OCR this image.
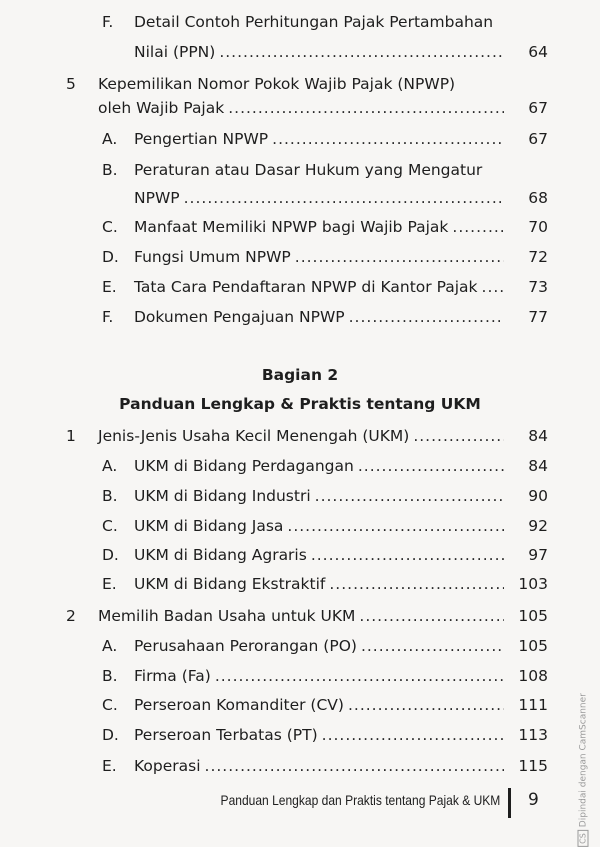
F.	Detail Contoh Perhitungan Pajak Pertambahan
Nilai (PPN) .....	64
5	Kepemilikan Nomor Pokok Wajib Pajak (NPWP)
oleh Wajib Pajak .....	67
A.	Pengertian NPWP .....	67
B.	Peraturan atau Dasar Hukum yang Mengatur
NPWP .....	68
C.	Manfaat Memiliki NPWP bagi Wajib Pajak .....	70
D. Fungsi Umum NPWP .....	72
E.	Tata Cara Pendaftaran NPWP di Kantor Pajak .....	73
F.	Dokumen Pengajuan NPWP .....	77
Bagian 2
Panduan Lengkap & Praktis tentang UKM
1	Jenis-Jenis Usaha Kecil Menengah (UKM) .....	84
A.	UKM di Bidang Perdagangan .....	84
B.	UKM di Bidang Industri .....	90
C.	UKM di Bidang Jasa .....	92
D. UKM di Bidang Agraris .....	97
E.	UKM di Bidang Ekstraktif .....	103
2	Memilih Badan Usaha untuk UKM .....	105
A.	Perusahaan Perorangan (PO) .....	105
B.	Firma (Fa) .....	108
C.	Perseroan Komanditer (CV) .....	111
D. Perseroan Terbatas (PT) .....	113
E.	Koperasi .....	115
Panduan Lengkap dan Praktis tentang Pajak & UKM 9
CSDipindai dengan CamScanner
